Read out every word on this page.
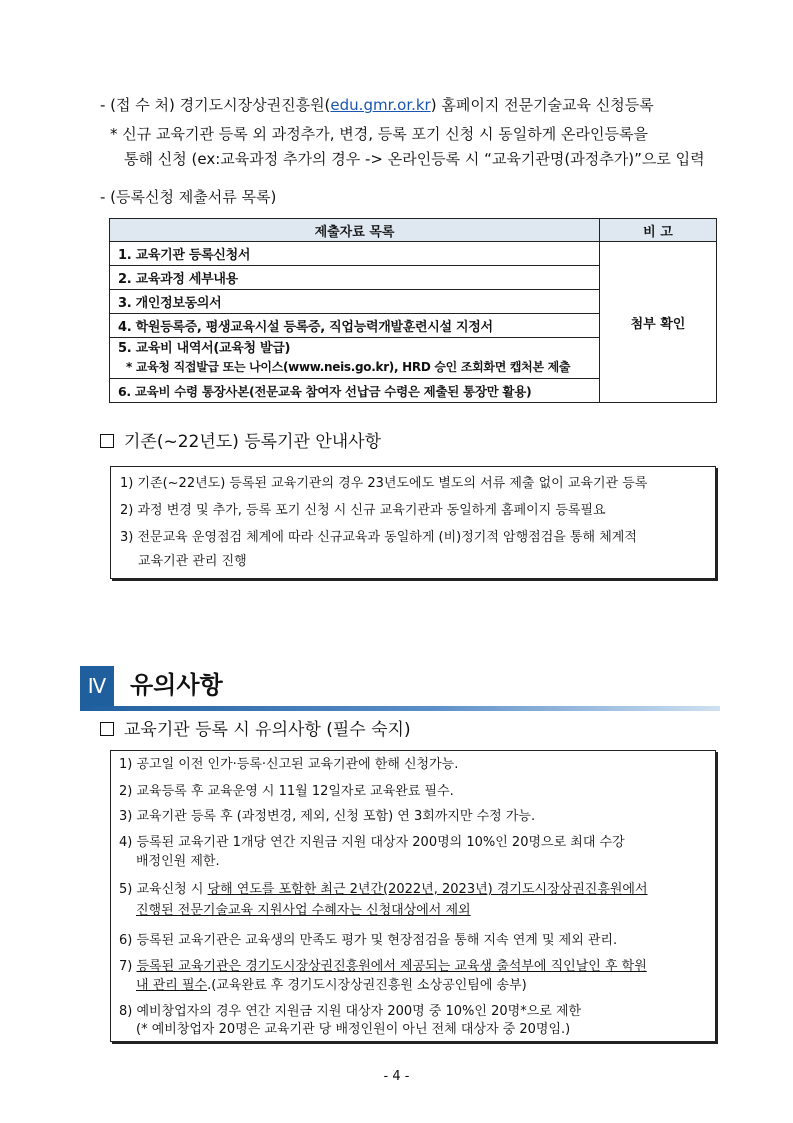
- (접 수 처) 경기도시장상권진흥원(edu.gmr.or.kr) 홈페이지 전문기술교육 신청등록
* 신규 교육기관 등록 외 과정추가, 변경, 등록 포기 신청 시 동일하게 온라인등록을
통해 신청 (ex:교육과정 추가의 경우 -> 온라인등록 시 “교육기관명(과정추가)”으로 입력
- (등록신청 제출서류 목록)
제출자료 목록	비 고
1. 교육기관 등록신청서	첨부 확인
2. 교육과정 세부내용	
3. 개인정보동의서	
4. 학원등록증, 평생교육시설 등록증, 직업능력개발훈련시설 지정서	

5. 교육비 내역서(교육청 발급)
* 교육청 직접발급 또는 나이스(www.neis.go.kr), HRD 승인 조회화면 캡처본 제출	

6. 교육비 수령 통장사본(전문교육 참여자 선납금 수령은 제출된 통장만 활용)	
기존(~22년도) 등록기관 안내사항
1) 기존(~22년도) 등록된 교육기관의 경우 23년도에도 별도의 서류 제출 없이 교육기관 등록
2) 과정 변경 및 추가, 등록 포기 신청 시 신규 교육기관과 동일하게 홈페이지 등록필요
3) 전문교육 운영점검 체계에 따라 신규교육과 동일하게 (비)정기적 암행점검을 통해 체계적
교육기관 관리 진행
Ⅳ 유의사항
교육기관 등록 시 유의사항 (필수 숙지)
1) 공고일 이전 인가·등록·신고된 교육기관에 한해 신청가능.
2) 교육등록 후 교육운영 시 11월 12일자로 교육완료 필수.
3) 교육기관 등록 후 (과정변경, 제외, 신청 포함) 연 3회까지만 수정 가능.
4) 등록된 교육기관 1개당 연간 지원금 지원 대상자 200명의 10%인 20명으로 최대 수강
배정인원 제한.
5) 교육신청 시 당해 연도를 포함한 최근 2년간(2022년, 2023년) 경기도시장상권진흥원에서
진행된 전문기술교육 지원사업 수혜자는 신청대상에서 제외
6) 등록된 교육기관은 교육생의 만족도 평가 및 현장점검을 통해 지속 연계 및 제외 관리.
7) 등록된 교육기관은 경기도시장상권진흥원에서 제공되는 교육생 출석부에 직인날인 후 학원
내 관리 필수.(교육완료 후 경기도시장상권진흥원 소상공인팀에 송부)
8) 예비창업자의 경우 연간 지원금 지원 대상자 200명 중 10%인 20명*으로 제한
(* 예비창업자 20명은 교육기관 당 배정인원이 아닌 전체 대상자 중 20명임.)
- 4 -
